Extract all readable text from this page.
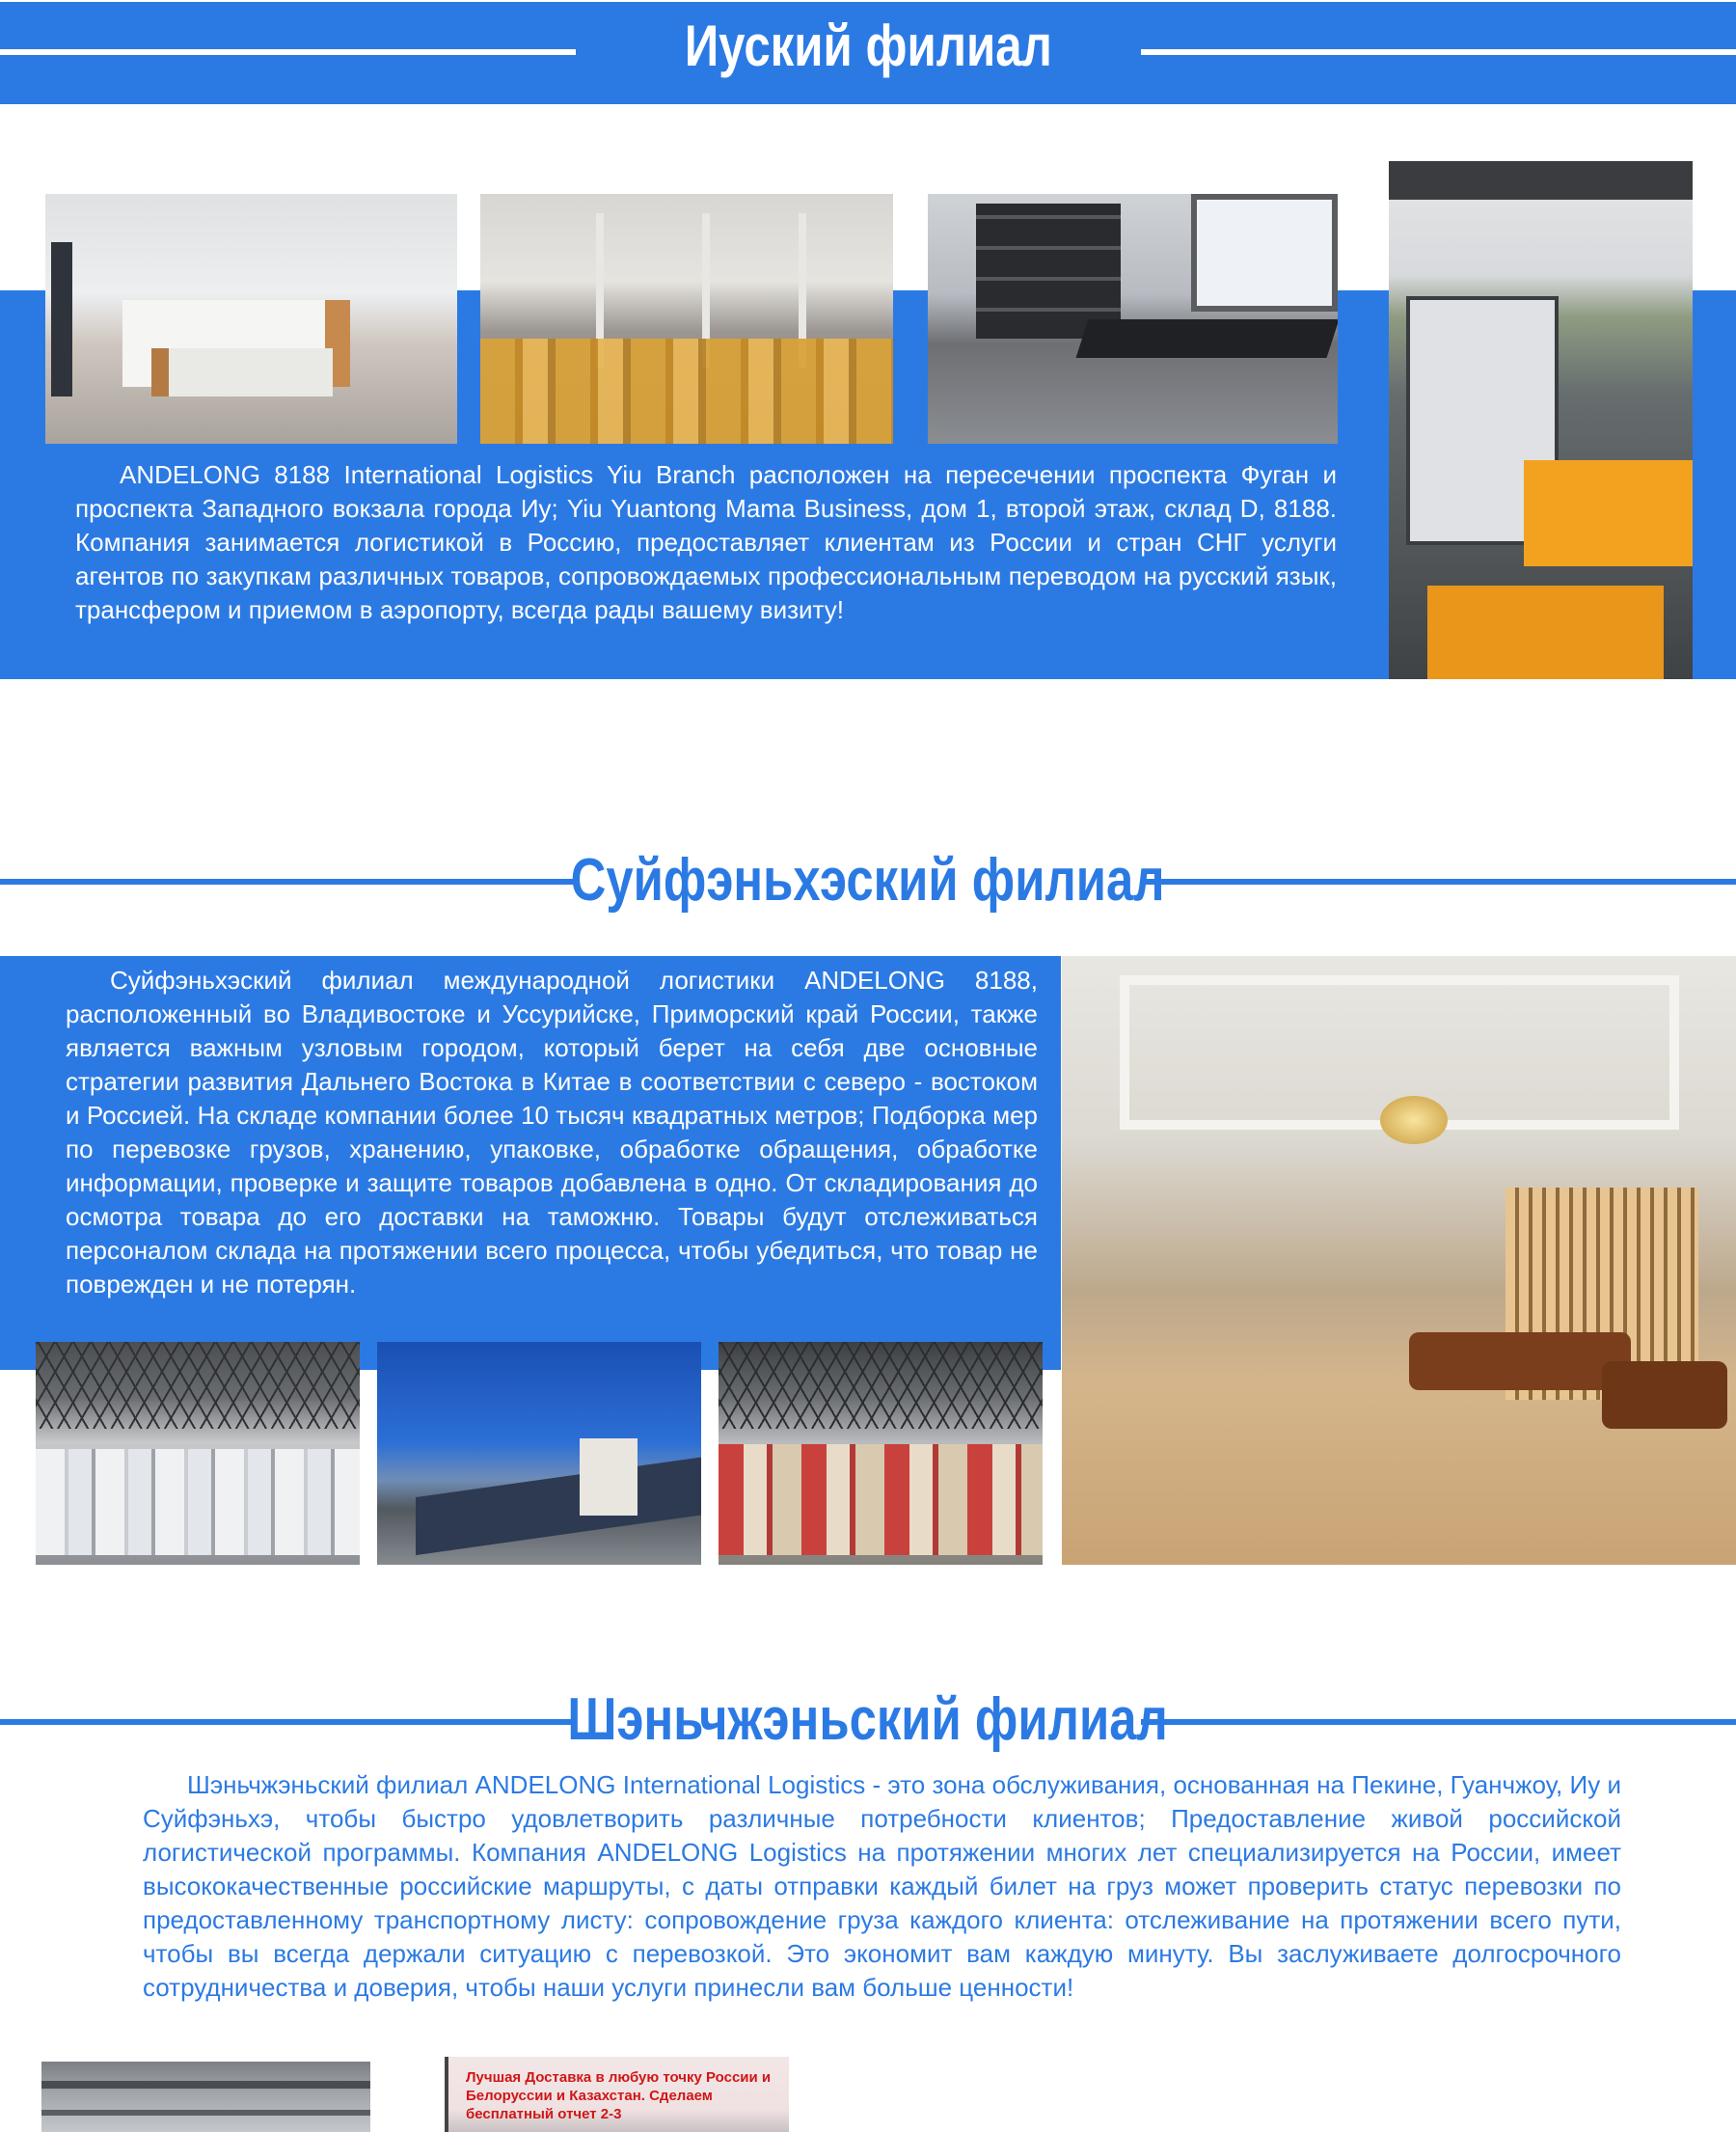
Иуский филиал

ANDELONG 8188 International Logistics Yiu Branch расположен на пересечении проспекта Фуган и проспекта Западного вокзала города Иу; Yiu Yuantong Mama Business, дом 1, второй этаж, склад D, 8188. Компания занимается логистикой в Россию, предоставляет клиентам из России и стран СНГ услуги агентов по закупкам различных товаров, сопровождаемых профессиональным переводом на русский язык, трансфером и приемом в аэропорту, всегда рады вашему визиту!

Суйфэньхэский филиал

Суйфэньхэский филиал международной логистики ANDELONG 8188, расположенный во Владивостоке и Уссурийске, Приморский край России, также является важным узловым городом, который берет на себя две основные стратегии развития Дальнего Востока в Китае в соответствии с северо - востоком и Россией. На складе компании более 10 тысяч квадратных метров; Подборка мер по перевозке грузов, хранению, упаковке, обработке обращения, обработке информации, проверке и защите товаров добавлена в одно. От складирования до осмотра товара до его доставки на таможню. Товары будут отслеживаться персоналом склада на протяжении всего процесса, чтобы убедиться, что товар не поврежден и не потерян.

Шэньчжэньский филиал

Шэньчжэньский филиал ANDELONG International Logistics - это зона обслуживания, основанная на Пекине, Гуанчжоу, Иу и Суйфэньхэ, чтобы быстро удовлетворить различные потребности клиентов; Предоставление живой российской логистической программы. Компания ANDELONG Logistics на протяжении многих лет специализируется на России, имеет высококачественные российские маршруты, с даты отправки каждый билет на груз может проверить статус перевозки по предоставленному транспортному листу: сопровождение груза каждого клиента: отслеживание на протяжении всего пути, чтобы вы всегда держали ситуацию с перевозкой. Это экономит вам каждую минуту. Вы заслуживаете долгосрочного сотрудничества и доверия, чтобы наши услуги принесли вам больше ценности!

Лучшая Доставка в любую точку России и Белоруссии и Казахстан. Сделаем бесплатный отчет 2-3
